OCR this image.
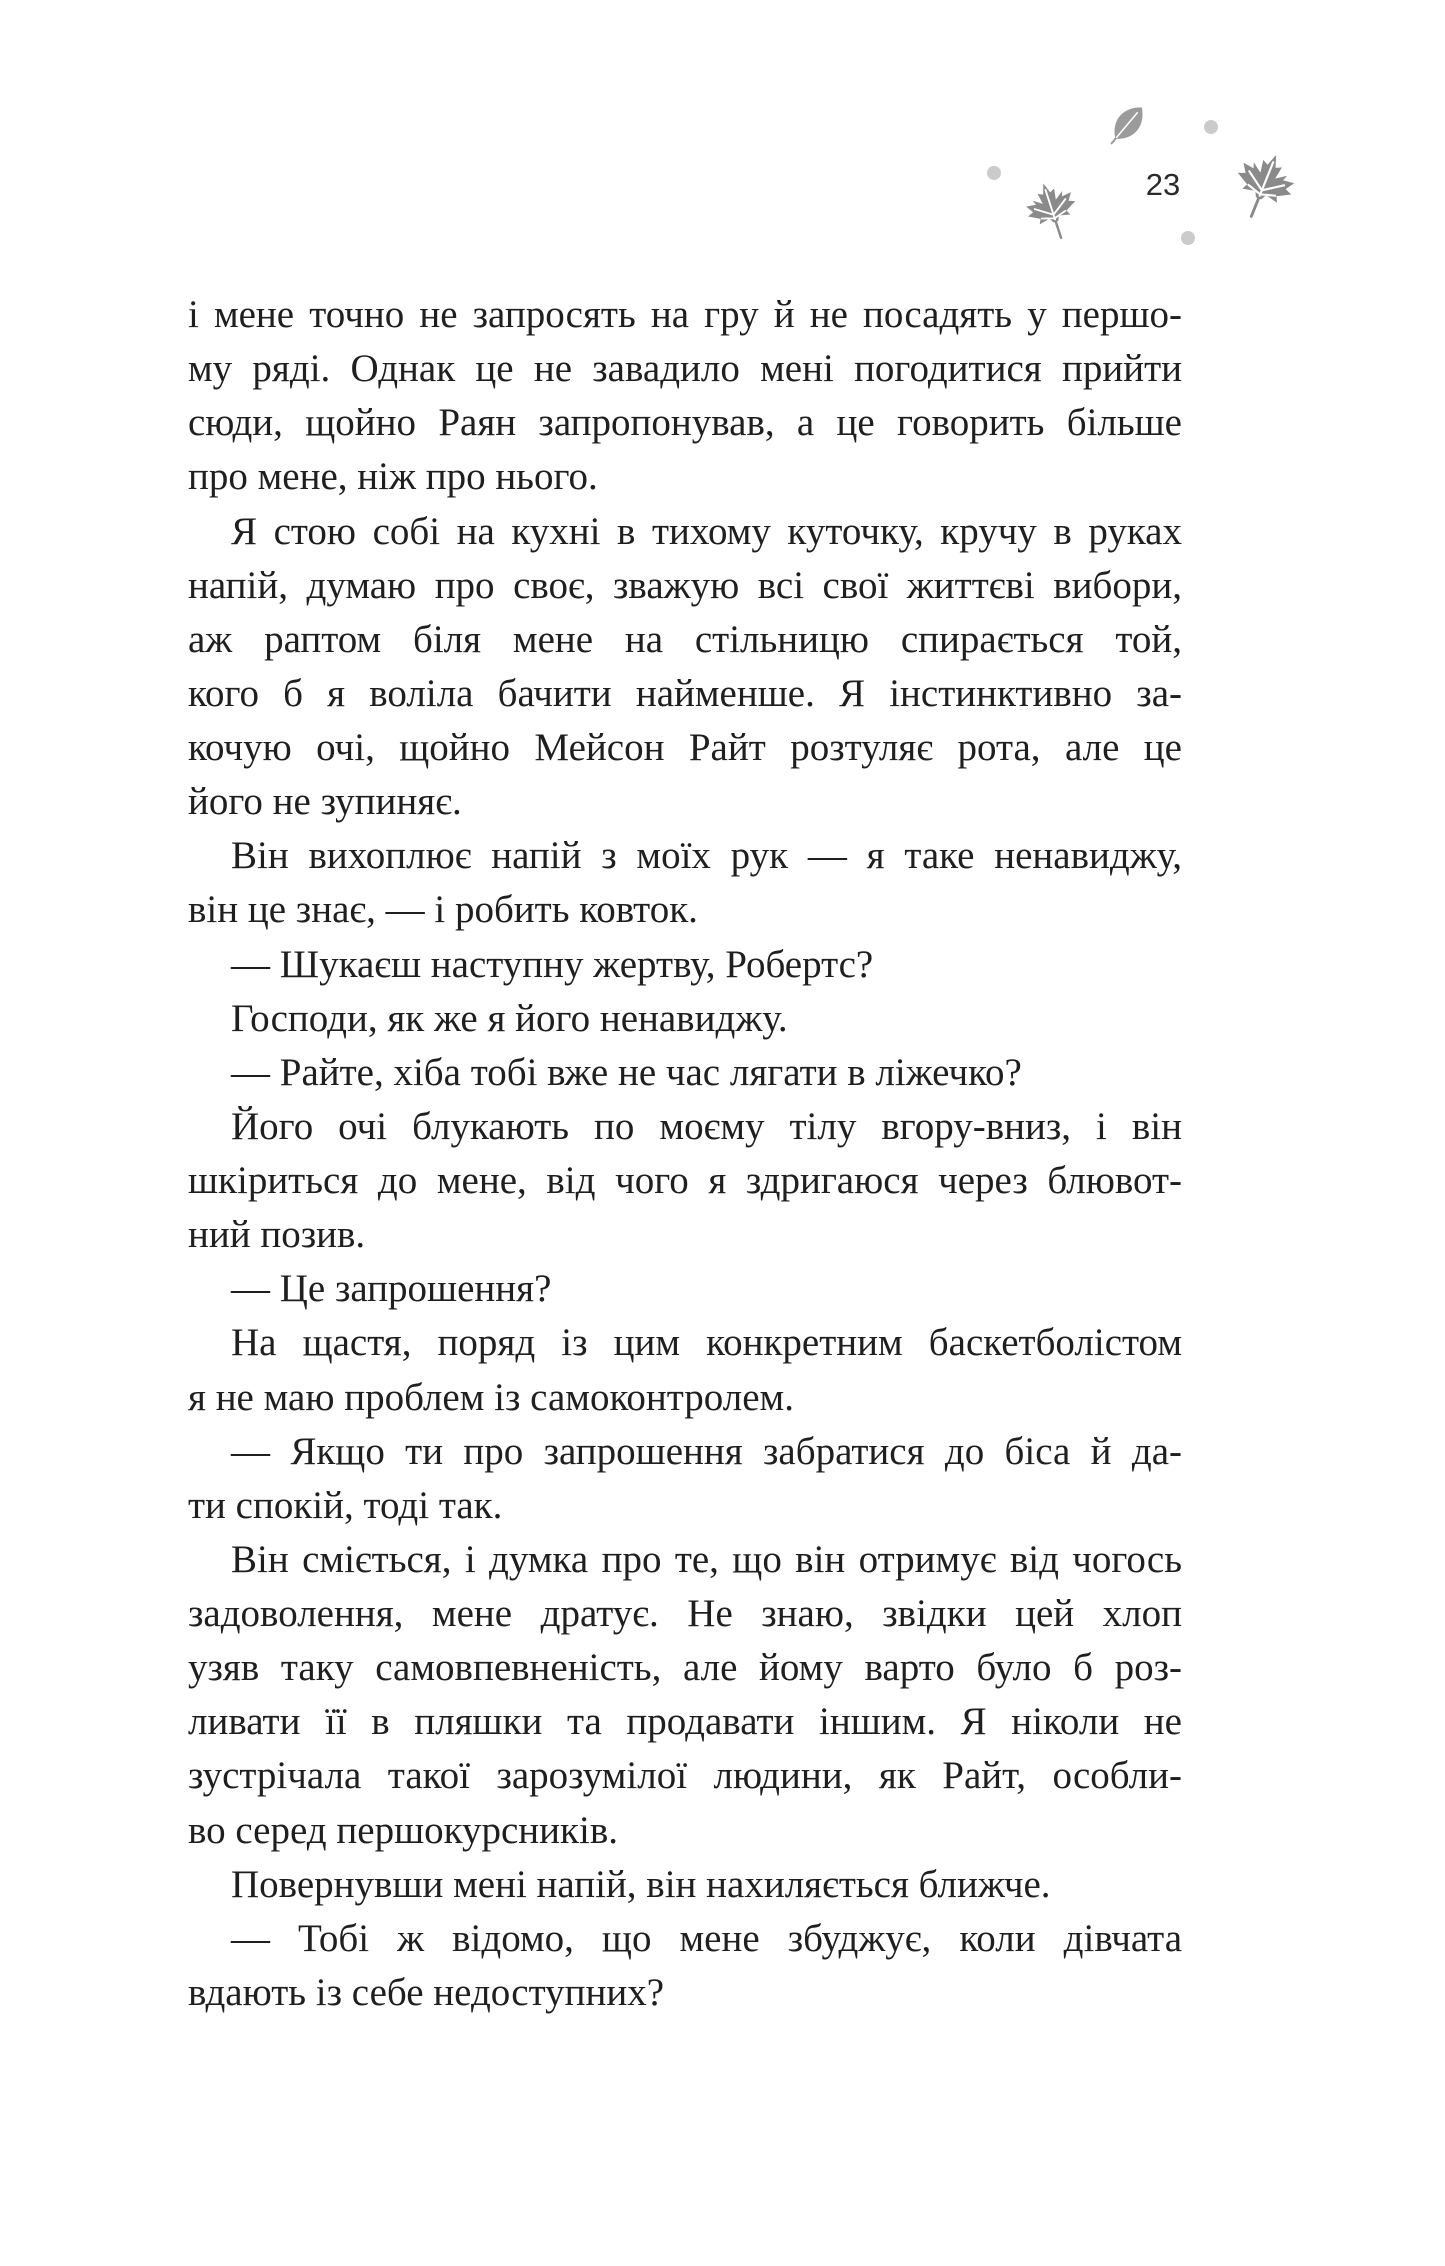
23
і мене точно не запросять на гру й не посадять у першо-
му ряді. Однак це не завадило мені погодитися прийти
сюди, щойно Раян запропонував, а це говорить більше
про мене, ніж про нього.
Я стою собі на кухні в тихому куточку, кручу в руках
напій, думаю про своє, зважую всі свої життєві вибори,
аж раптом біля мене на стільницю спирається той,
кого б я воліла бачити найменше. Я інстинктивно за-
кочую очі, щойно Мейсон Райт розтуляє рота, але це
його не зупиняє.
Він вихоплює напій з моїх рук — я таке ненавиджу,
він це знає, — і робить ковток.
— Шукаєш наступну жертву, Робертс?
Господи, як же я його ненавиджу.
— Райте, хіба тобі вже не час лягати в ліжечко?
Його очі блукають по моєму тілу вгору-вниз, і він
шкіриться до мене, від чого я здригаюся через блювот-
ний позив.
— Це запрошення?
На щастя, поряд із цим конкретним баскетболістом
я не маю проблем із самоконтролем.
— Якщо ти про запрошення забратися до біса й да-
ти спокій, тоді так.
Він сміється, і думка про те, що він отримує від чогось
задоволення, мене дратує. Не знаю, звідки цей хлоп
узяв таку самовпевненість, але йому варто було б роз-
ливати її в пляшки та продавати іншим. Я ніколи не
зустрічала такої зарозумілої людини, як Райт, особли-
во серед першокурсників.
Повернувши мені напій, він нахиляється ближче.
— Тобі ж відомо, що мене збуджує, коли дівчата
вдають із себе недоступних?
